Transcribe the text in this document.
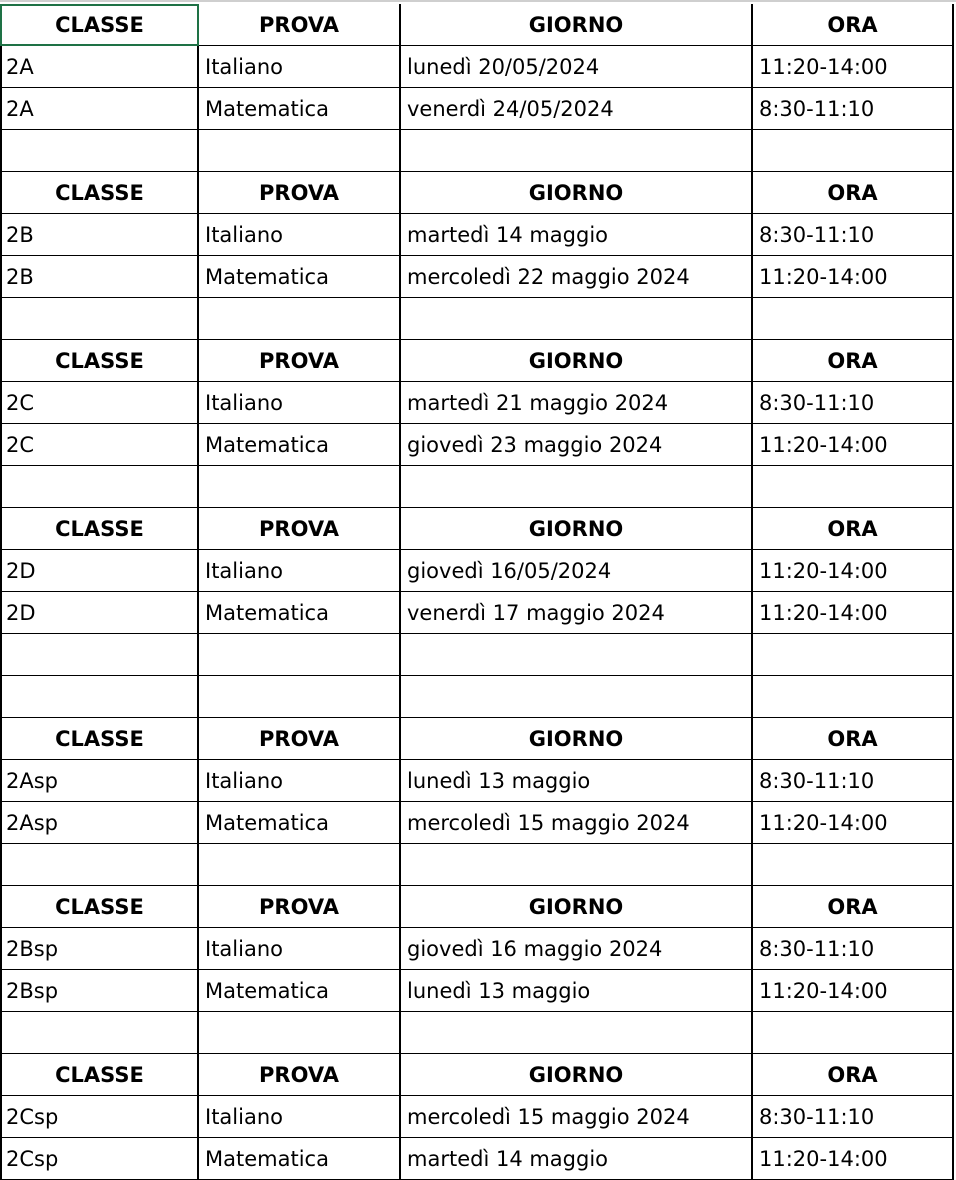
CLASSE	PROVA	GIORNO	ORA
2A	Italiano	lunedì 20/05/2024	11:20-14:00
2A	Matematica	venerdì 24/05/2024	8:30-11:10
CLASSE	PROVA	GIORNO	ORA
2B	Italiano	martedì 14 maggio	8:30-11:10
2B	Matematica	mercoledì 22 maggio 2024	11:20-14:00
CLASSE	PROVA	GIORNO	ORA
2C	Italiano	martedì 21 maggio 2024	8:30-11:10
2C	Matematica	giovedì 23 maggio 2024	11:20-14:00
CLASSE	PROVA	GIORNO	ORA
2D	Italiano	giovedì 16/05/2024	11:20-14:00
2D	Matematica	venerdì 17 maggio 2024	11:20-14:00
CLASSE	PROVA	GIORNO	ORA
2Asp	Italiano	lunedì 13 maggio	8:30-11:10
2Asp	Matematica	mercoledì 15 maggio 2024	11:20-14:00
CLASSE	PROVA	GIORNO	ORA
2Bsp	Italiano	giovedì 16 maggio 2024	8:30-11:10
2Bsp	Matematica	lunedì 13 maggio	11:20-14:00
CLASSE	PROVA	GIORNO	ORA
2Csp	Italiano	mercoledì 15 maggio 2024	8:30-11:10
2Csp	Matematica	martedì 14 maggio	11:20-14:00
